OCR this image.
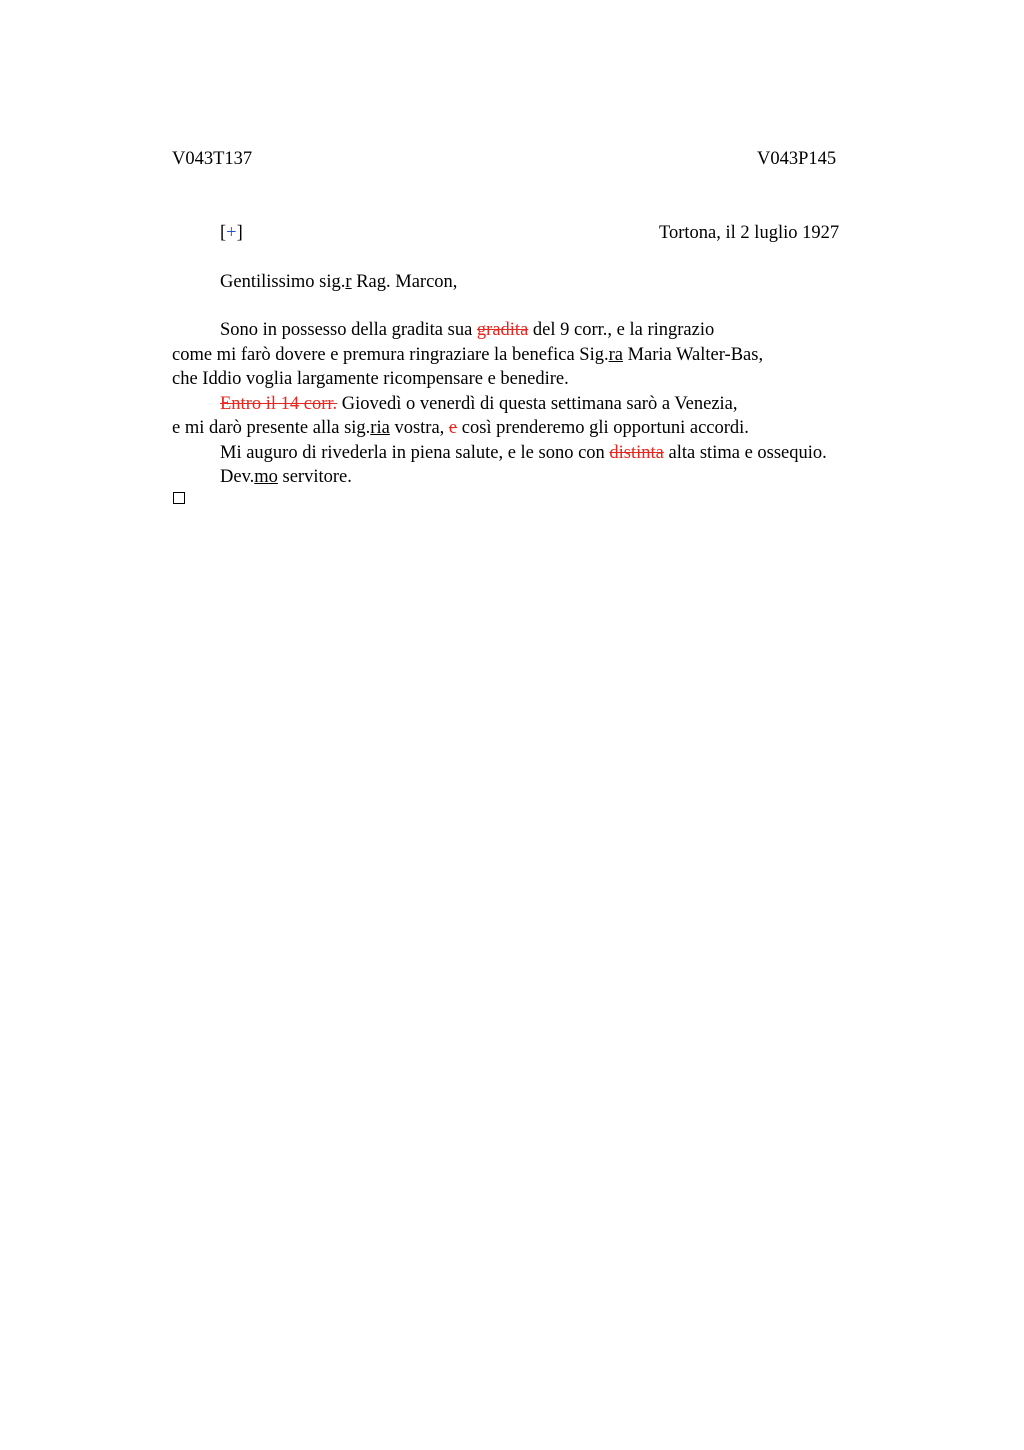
V043T137	V043P145
[+]	Tortona, il 2 luglio 1927
Gentilissimo sig.r Rag. Marcon,
Sono in possesso della gradita sua gradita del 9 corr., e la ringrazio
come mi farò dovere e premura ringraziare la benefica Sig.ra Maria Walter-Bas,
che Iddio voglia largamente ricompensare e benedire.
Entro il 14 corr. Giovedì o venerdì di questa settimana sarò a Venezia,
e mi darò presente alla sig.ria vostra, e così prenderemo gli opportuni accordi.
Mi auguro di rivederla in piena salute, e le sono con distinta alta stima e ossequio.
Dev.mo servitore.
